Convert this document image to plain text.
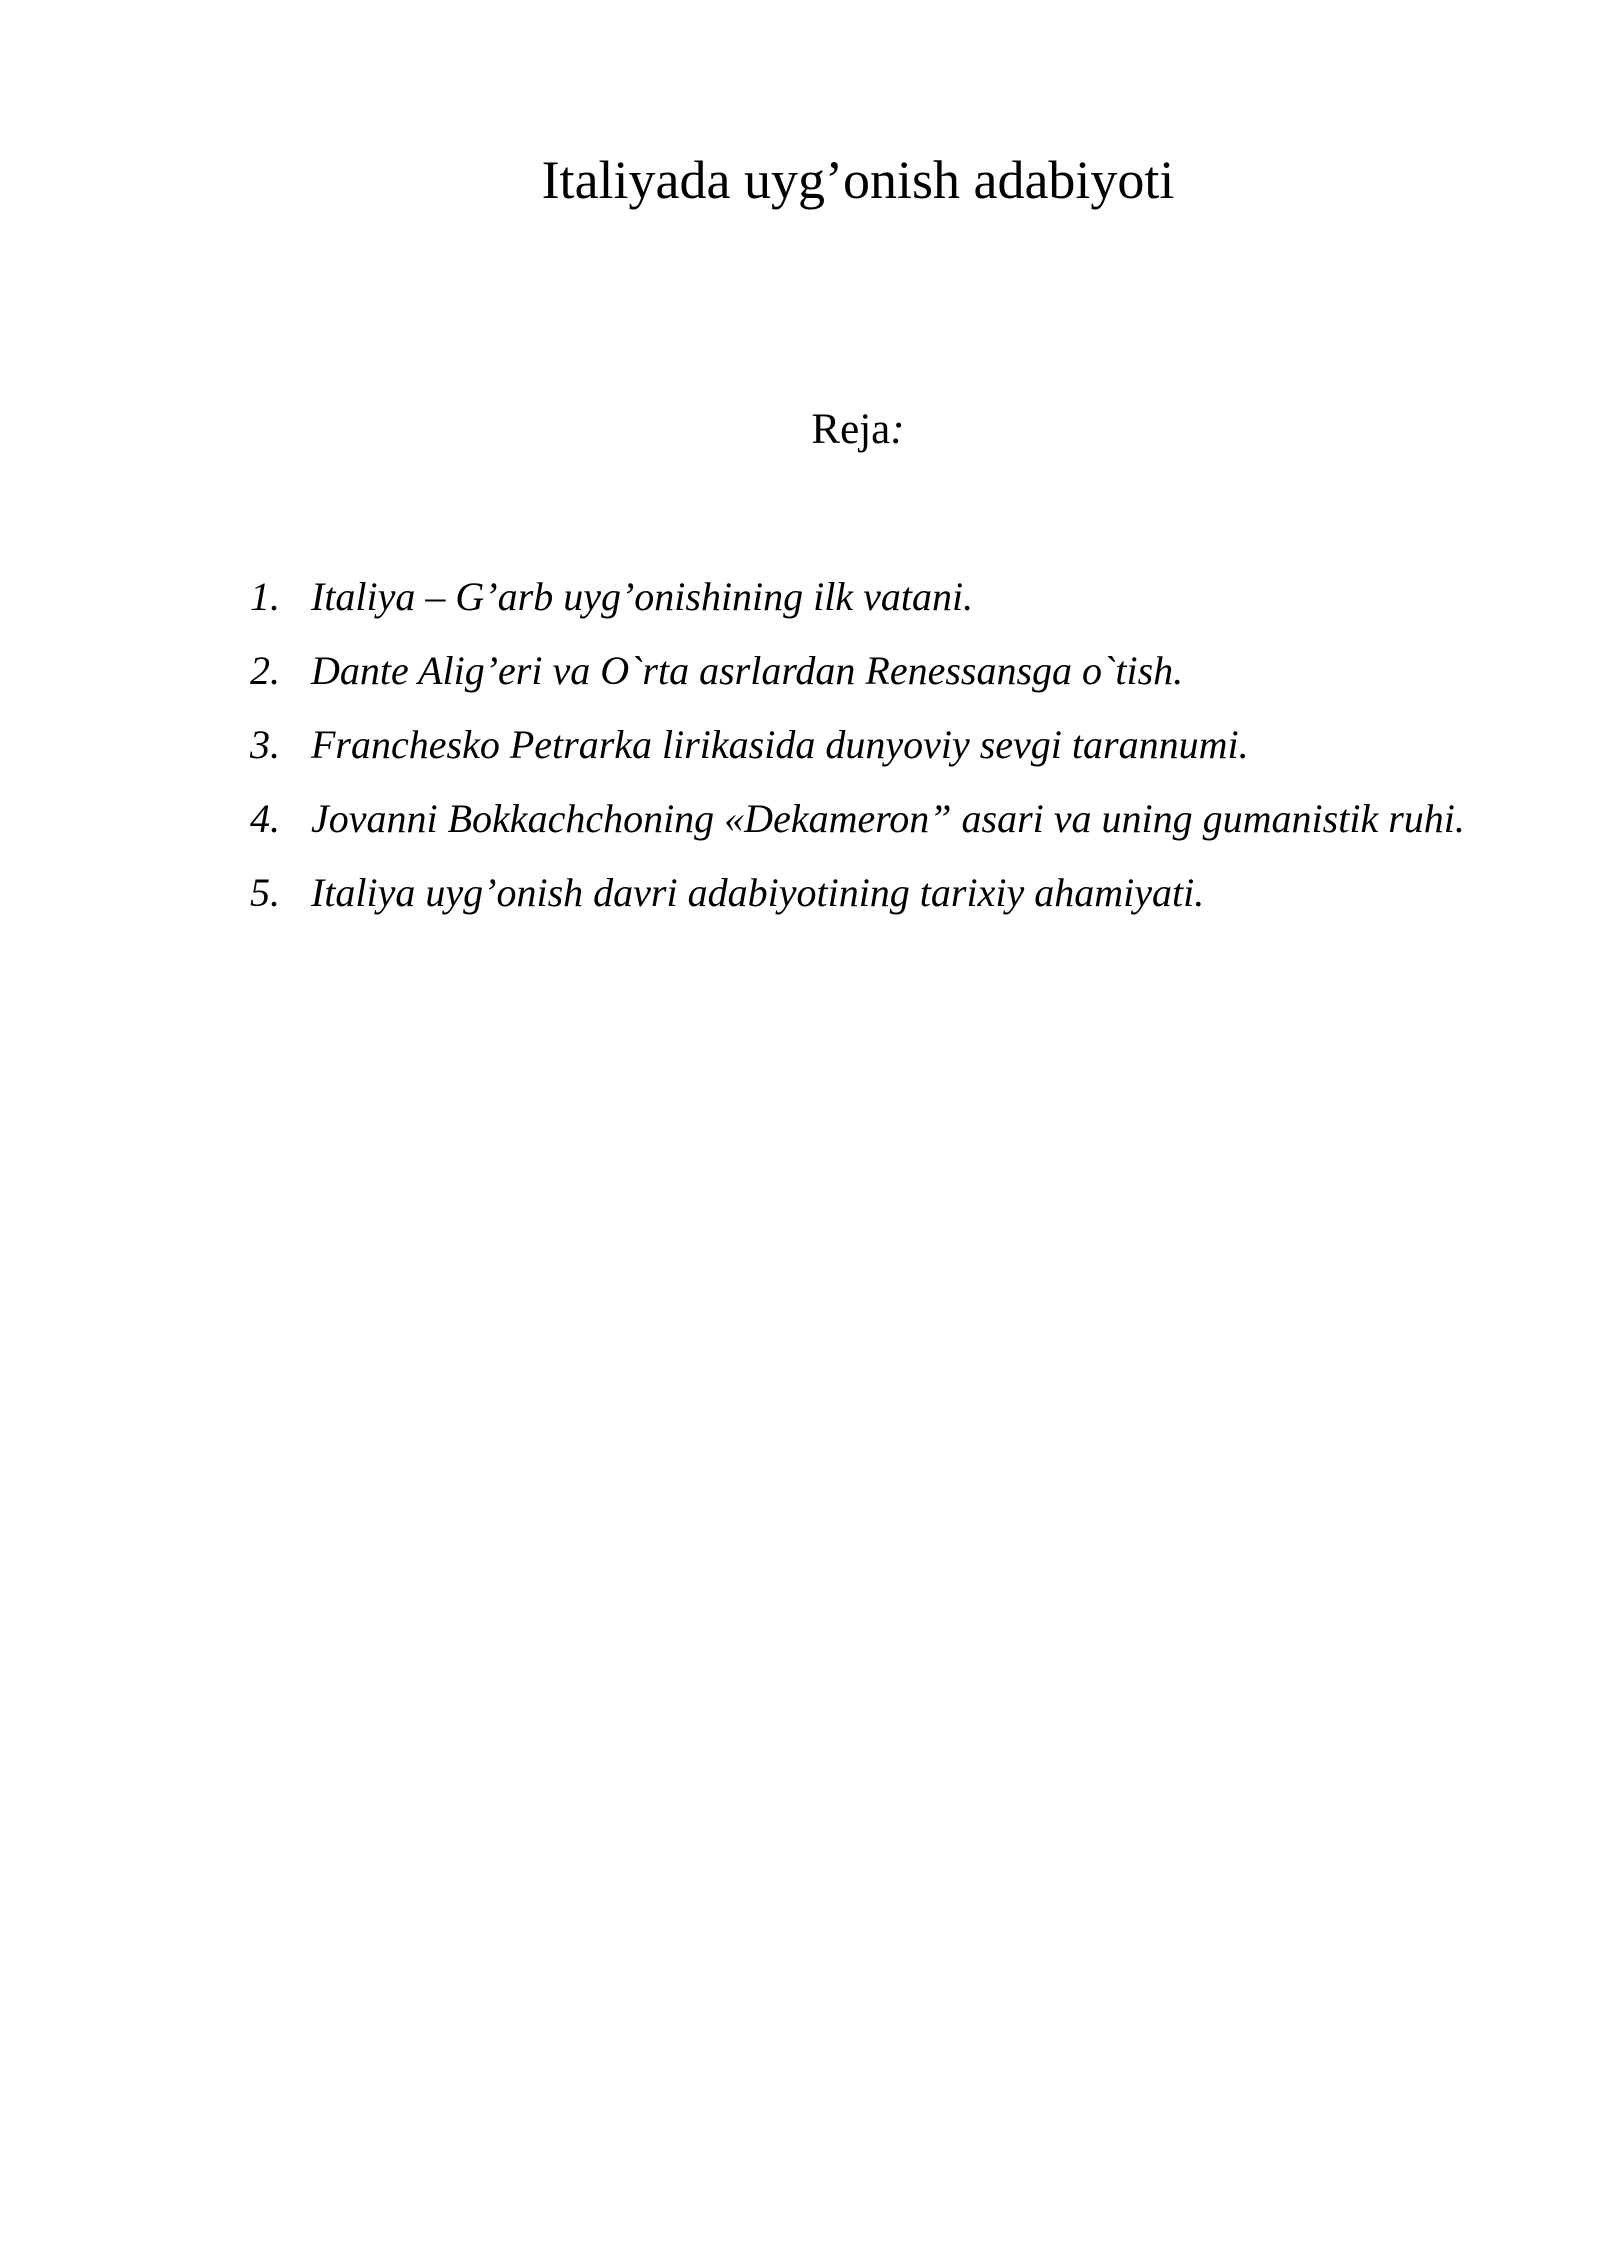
Italiyada uyg’onish adabiyoti

Reja:

1. Italiya – G’arb uyg’onishining ilk vatani.
2. Dante Alig’eri va O`rta asrlardan Renessansga o`tish.
3. Franchesko Petrarka lirikasida dunyoviy sevgi tarannumi.
4. Jovanni Bokkachchoning «Dekameron” asari va uning gumanistik ruhi.
5. Italiya uyg’onish davri adabiyotining tarixiy ahamiyati.
